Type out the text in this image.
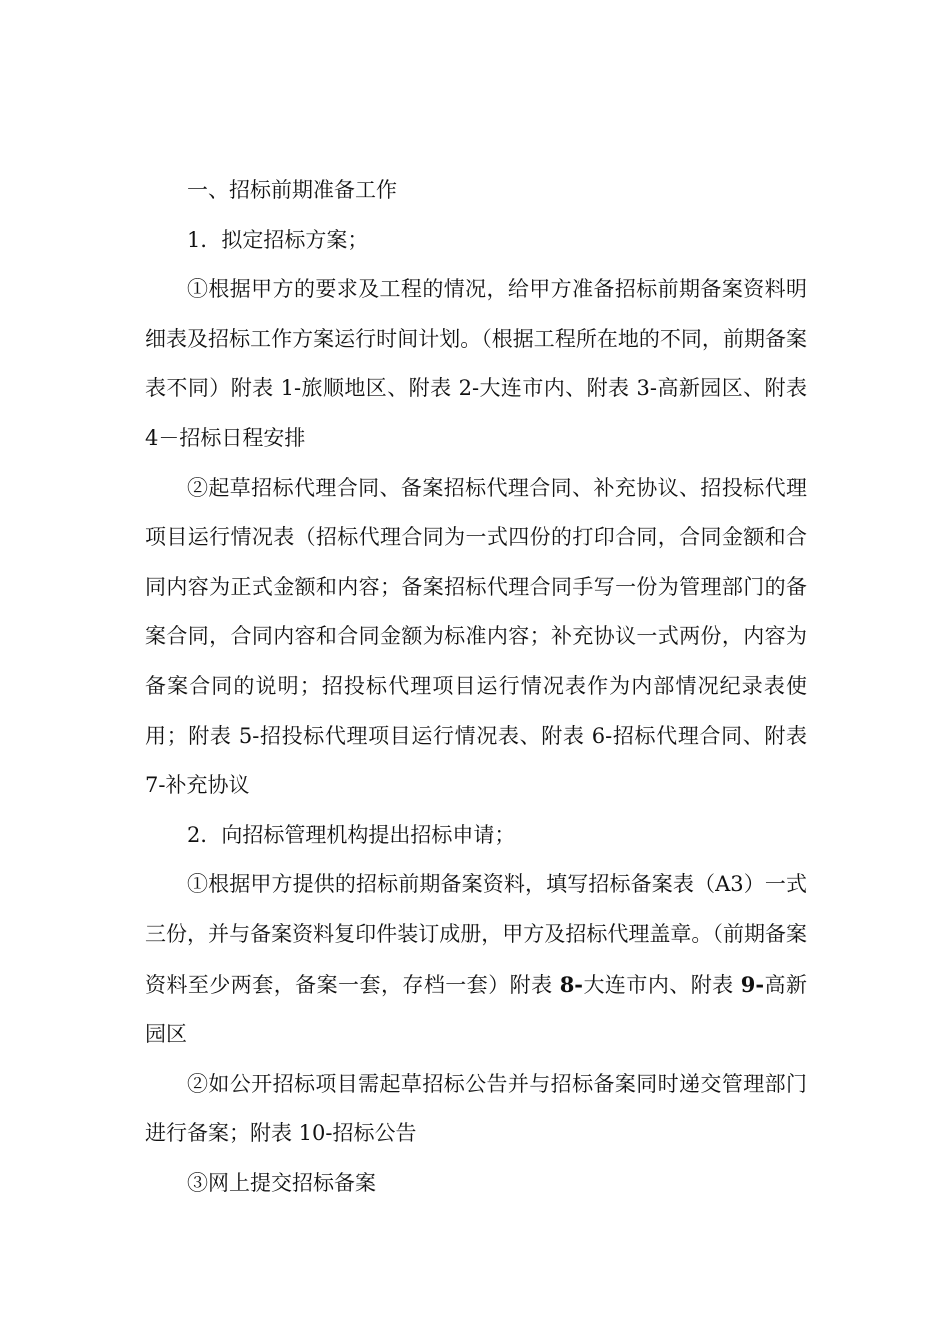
一、招标前期准备工作

1．拟定招标方案；

①根据甲方的要求及工程的情况，给甲方准备招标前期备案资料明细表及招标工作方案运行时间计划。（根据工程所在地的不同，前期备案表不同）附表 1-旅顺地区、附表 2-大连市内、附表 3-高新园区、附表 4－招标日程安排

②起草招标代理合同、备案招标代理合同、补充协议、招投标代理项目运行情况表（招标代理合同为一式四份的打印合同，合同金额和合同内容为正式金额和内容；备案招标代理合同手写一份为管理部门的备案合同，合同内容和合同金额为标准内容；补充协议一式两份，内容为备案合同的说明；招投标代理项目运行情况表作为内部情况纪录表使用；附表 5-招投标代理项目运行情况表、附表 6-招标代理合同、附表 7-补充协议

2．向招标管理机构提出招标申请；

①根据甲方提供的招标前期备案资料，填写招标备案表（A3）一式三份，并与备案资料复印件装订成册，甲方及招标代理盖章。（前期备案资料至少两套，备案一套，存档一套）附表 8-大连市内、附表 9-高新园区

②如公开招标项目需起草招标公告并与招标备案同时递交管理部门进行备案；附表 10-招标公告

③网上提交招标备案
